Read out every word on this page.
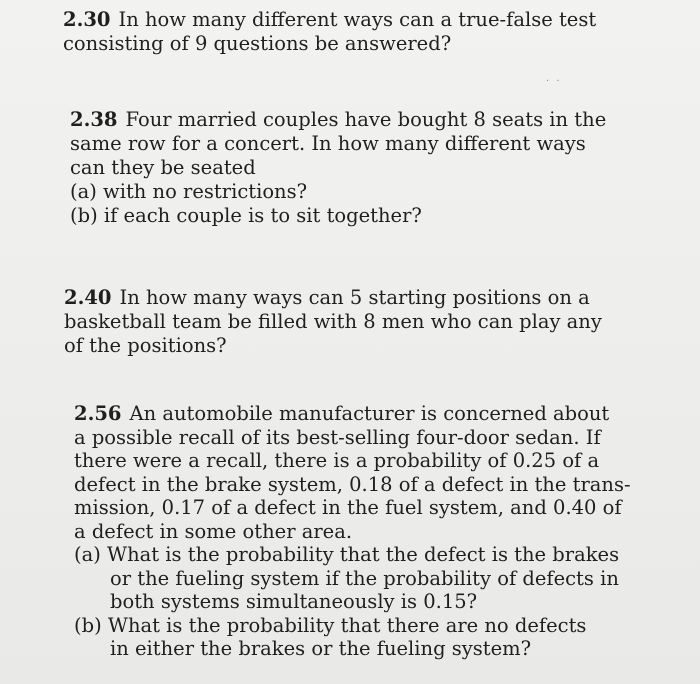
2.30 In how many different ways can a true-false test
consisting of 9 questions be answered?
· ·
2.38 Four married couples have bought 8 seats in the
same row for a concert. In how many different ways
can they be seated
(a) with no restrictions?
(b) if each couple is to sit together?
2.40 In how many ways can 5 starting positions on a
basketball team be filled with 8 men who can play any
of the positions?
2.56 An automobile manufacturer is concerned about
a possible recall of its best-selling four-door sedan. If
there were a recall, there is a probability of 0.25 of a
defect in the brake system, 0.18 of a defect in the trans-
mission, 0.17 of a defect in the fuel system, and 0.40 of
a defect in some other area.
(a) What is the probability that the defect is the brakes
or the fueling system if the probability of defects in
both systems simultaneously is 0.15?
(b) What is the probability that there are no defects
in either the brakes or the fueling system?
